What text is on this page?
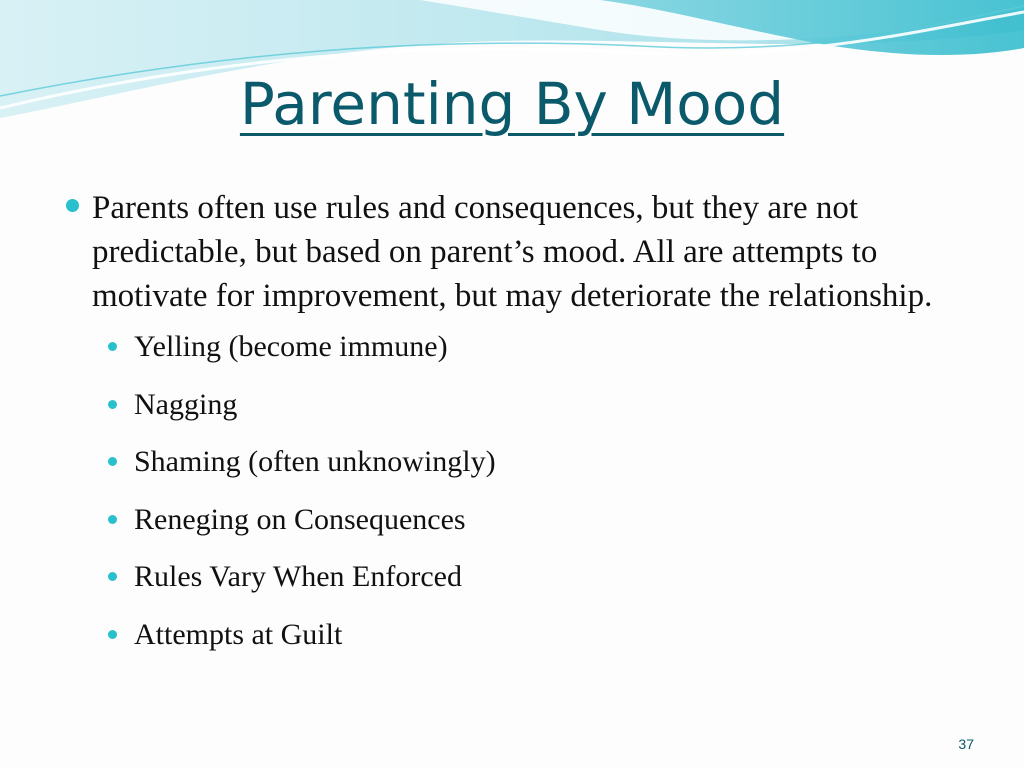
Parenting By Mood

Parents often use rules and consequences, but they are not predictable, but based on parent’s mood. All are attempts to motivate for improvement, but may deteriorate the relationship.

Yelling (become immune)
Nagging
Shaming (often unknowingly)
Reneging on Consequences
Rules Vary When Enforced
Attempts at Guilt
37
